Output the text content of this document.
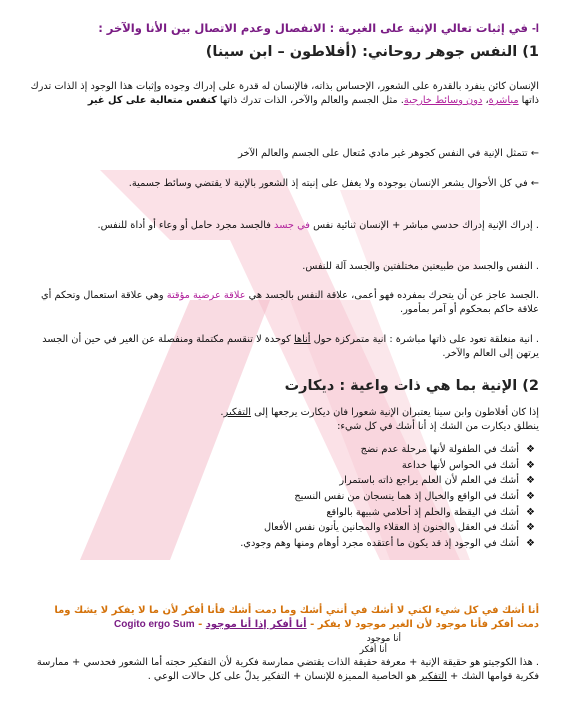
I- في إثبات تعالي الإنية على الغيرية : الانفصال وعدم الاتصال بين الأنا والآخر :

1) النفس جوهر روحاني: (أفلاطون – ابن سينا)

الإنسان كائن ينفرد بالقدرة على الشعور، الإحساس بذاته، فالإنسان له قدرة على إدراك وجوده وإثبات هذا الوجود إذ الذات تدرك ذاتها مباشرة، دون وسائط خارجية. مثل الجسم والعالم والآخر، الذات تدرك ذاتها كنفس متعالية على كل غير

← تتمثل الإنية في النفس كجوهر غير مادي مُتعال على الجسم والعالم الآخر

← في كل الأحوال يشعر الإنسان بوجوده ولا يغفل على إنيته إذ الشعور بالإنية لا يقتضي وسائط جسمية.

. إدراك الإنية إدراك حدسي مباشر + الإنسان ثنائية نفس في جسد فالجسد مجرد حامل أو وعاء أو أداة للنفس.

. النفس والجسد من طبيعتين مختلفتين والجسد آلة للنفس.

.الجسد عاجز عن أن يتحرك بمفرده فهو أعمى، علاقة النفس بالجسد هي علاقة عرضية مؤقتة وهي علاقة استعمال وتحكم أي علاقة حاكم بمحكوم أو آمر بمأمور.

. انية منغلقة تعود على ذاتها مباشرة : انية متمركزة حول أناها كوحدة لا تنقسم مكتملة ومنفصلة عن الغير في حين أن الجسد يرتهن إلى العالم والآخر.

2) الإنية بما هي ذات واعية : ديكارت

إذا كان أفلاطون وابن سينا يعتبران الإنية شعورا فان ديكارت يرجعها إلى التفكير.
ينطلق ديكارت من الشك إذ أنا أشك في كل شيء:

❖
أشك في الطفولة لأنها مرحلة عدم نضج
❖
أشك في الحواس لأنها خداعة
❖
أشك في العلم لأن العلم يراجع ذاته باستمرار
❖
أشك في الواقع والخيال إذ هما ينسجان من نفس النسيج
❖
أشك في اليقظة والحلم إذ أحلامي شبيهة بالواقع
❖
أشك في العقل والجنون إذ العقلاء والمجانين يأتون نفس الأفعال
❖
أشك في الوجود إذ قد يكون ما أعتقده مجرد أوهام ومنها وهم وجودي.

أنا أشك في كل شيء لكني لا أشك في أنني أشك وما دمت أشك فأنا أفكر لأن ما لا يفكر لا يشك وما
دمت أفكر فأنا موجود لأن الغير موجود لا يفكر - أنا أفكر إذا أنا موجود - Cogito ergo Sum

أنا موجود
أنا أفكر

. هذا الكوجيتو هو حقيقة الإنية + معرفة حقيقة الذات يقتضي ممارسة فكرية لأن التفكير حجته أما الشعور فحدسي + ممارسة فكرية قوامها الشك + التفكير هو الخاصية المميزة للإنسان + التفكير يدلّ على كل حالات الوعي .
